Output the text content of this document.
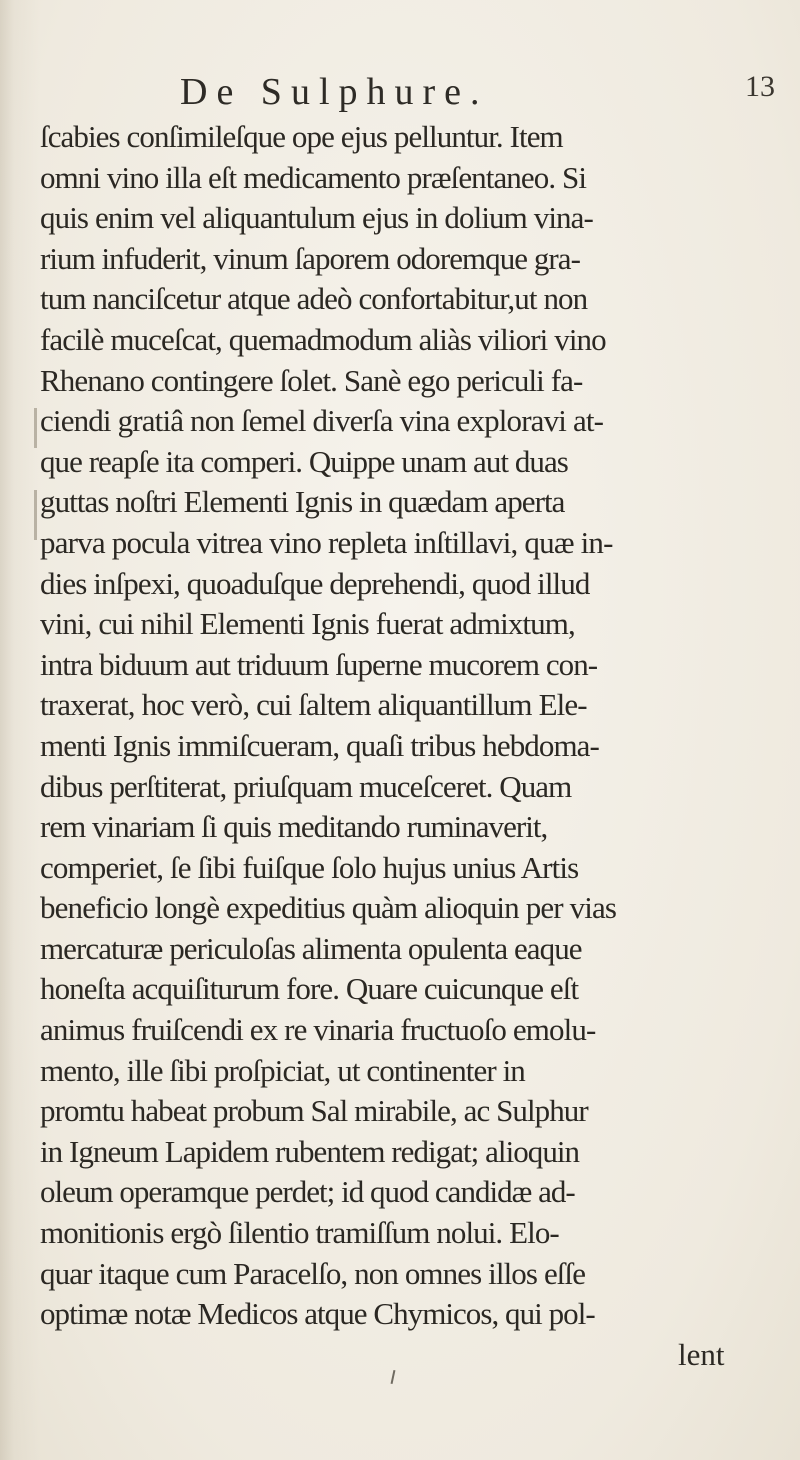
De Sulphure.	13
ſcabies conſimileſque ope ejus pelluntur. Item
omni vino illa eſt medicamento præſentaneo. Si
quis enim vel aliquantulum ejus in dolium vina-
rium infuderit, vinum ſaporem odoremque gra-
tum nanciſcetur atque adeò confortabitur,ut non
facilè muceſcat, quemadmodum aliàs viliori vino
Rhenano contingere ſolet. Sanè ego periculi fa-
ciendi gratiâ non ſemel diverſa vina exploravi at-
que reapſe ita comperi. Quippe unam aut duas
guttas noſtri Elementi Ignis in quædam aperta
parva pocula vitrea vino repleta inſtillavi, quæ in-
dies inſpexi, quoaduſque deprehendi, quod illud
vini, cui nihil Elementi Ignis fuerat admixtum,
intra biduum aut triduum ſuperne mucorem con-
traxerat, hoc verò, cui ſaltem aliquantillum Ele-
menti Ignis immiſcueram, quaſi tribus hebdoma-
dibus perſtiterat, priuſquam muceſceret. Quam
rem vinariam ſi quis meditando ruminaverit,
comperiet, ſe ſibi fuiſque ſolo hujus unius Artis
beneficio longè expeditius quàm alioquin per vias
mercaturæ periculoſas alimenta opulenta eaque
honeſta acquiſiturum fore. Quare cuicunque eſt
animus fruiſcendi ex re vinaria fructuoſo emolu-
mento, ille ſibi proſpiciat, ut continenter in
promtu habeat probum Sal mirabile, ac Sulphur
in Igneum Lapidem rubentem redigat; alioquin
oleum operamque perdet; id quod candidæ ad-
monitionis ergò ſilentio tramiſſum nolui. Elo-
quar itaque cum Paracelſo, non omnes illos eſſe
optimæ notæ Medicos atque Chymicos, qui pol-
lent
